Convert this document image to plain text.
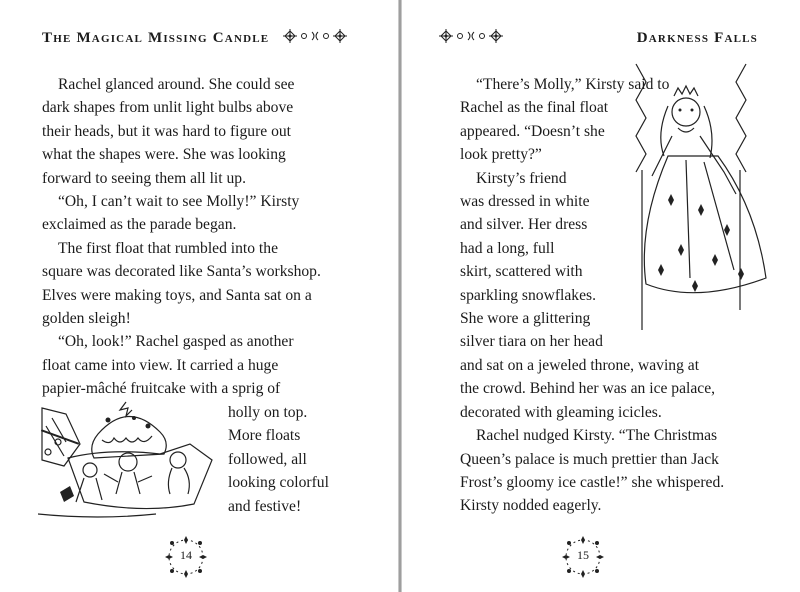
The Magical Missing Candle
Rachel glanced around. She could see
dark shapes from unlit light bulbs above
their heads, but it was hard to figure out
what the shapes were. She was looking
forward to seeing them all lit up.
“Oh, I can’t wait to see Molly!” Kirsty
exclaimed as the parade began.
The first float that rumbled into the
square was decorated like Santa’s workshop.
Elves were making toys, and Santa sat on a
golden sleigh!
“Oh, look!” Rachel gasped as another
float came into view. It carried a huge
papier-mâché fruitcake with a sprig of
holly on top.
More floats
followed, all
looking colorful
and festive!
14
Darkness Falls
“There’s Molly,” Kirsty said to
Rachel as the final float
appeared. “Doesn’t she
look pretty?”
Kirsty’s friend
was dressed in white
and silver. Her dress
had a long, full
skirt, scattered with
sparkling snowflakes.
She wore a glittering
silver tiara on her head
and sat on a jeweled throne, waving at
the crowd. Behind her was an ice palace,
decorated with gleaming icicles.
Rachel nudged Kirsty. “The Christmas
Queen’s palace is much prettier than Jack
Frost’s gloomy ice castle!” she whispered.
Kirsty nodded eagerly.
15
